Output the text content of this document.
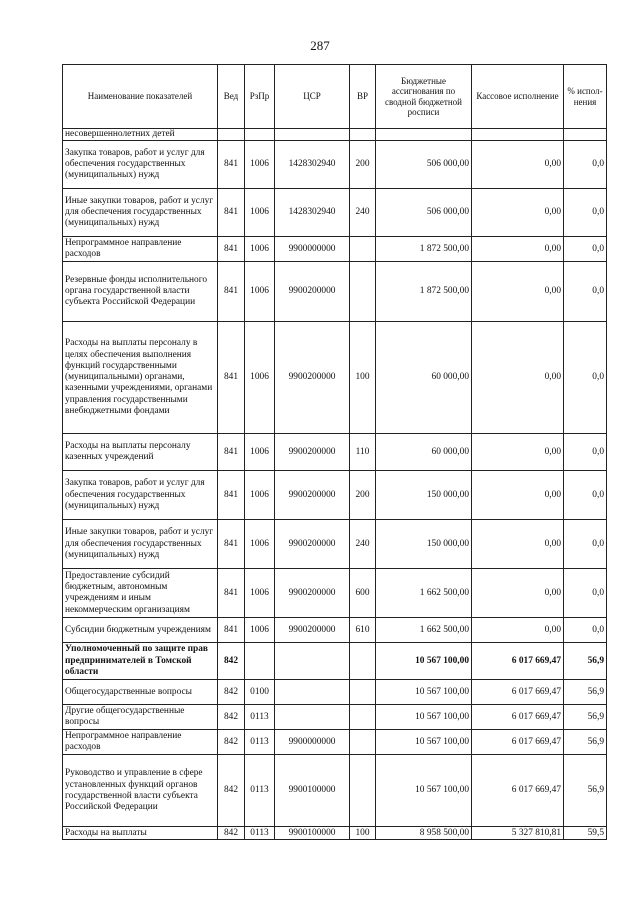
287
Наименование показателей	Вед	РзПр	ЦСР	ВР	Бюджетные ассигнования по сводной бюджетной росписи	Кассовое исполнение	% испол-нения
несовершеннолетних детей							
Закупка товаров, работ и услуг для обеспечения государственных (муниципальных) нужд	841	1006	1428302940	200	506 000,00	0,00	0,0
Иные закупки товаров, работ и услуг для обеспечения государственных (муниципальных) нужд	841	1006	1428302940	240	506 000,00	0,00	0,0
Непрограммное направление расходов	841	1006	9900000000		1 872 500,00	0,00	0,0
Резервные фонды исполнительного органа государственной власти субъекта Российской Федерации	841	1006	9900200000		1 872 500,00	0,00	0,0
Расходы на выплаты персоналу в целях обеспечения выполнения функций государственными (муниципальными) органами, казенными учреждениями, органами управления государственными внебюджетными фондами	841	1006	9900200000	100	60 000,00	0,00	0,0
Расходы на выплаты персоналу казенных учреждений	841	1006	9900200000	110	60 000,00	0,00	0,0
Закупка товаров, работ и услуг для обеспечения государственных (муниципальных) нужд	841	1006	9900200000	200	150 000,00	0,00	0,0
Иные закупки товаров, работ и услуг для обеспечения государственных (муниципальных) нужд	841	1006	9900200000	240	150 000,00	0,00	0,0
Предоставление субсидий бюджетным, автономным учреждениям и иным некоммерческим организациям	841	1006	9900200000	600	1 662 500,00	0,00	0,0
Субсидии бюджетным учреждениям	841	1006	9900200000	610	1 662 500,00	0,00	0,0
Уполномоченный по защите прав предпринимателей в Томской области	842				10 567 100,00	6 017 669,47	56,9
Общегосударственные вопросы	842	0100			10 567 100,00	6 017 669,47	56,9
Другие общегосударственные вопросы	842	0113			10 567 100,00	6 017 669,47	56,9
Непрограммное направление расходов	842	0113	9900000000		10 567 100,00	6 017 669,47	56,9
Руководство и управление в сфере установленных функций органов государственной власти субъекта Российской Федерации	842	0113	9900100000		10 567 100,00	6 017 669,47	56,9
Расходы на выплаты	842	0113	9900100000	100	8 958 500,00	5 327 810,81	59,5
